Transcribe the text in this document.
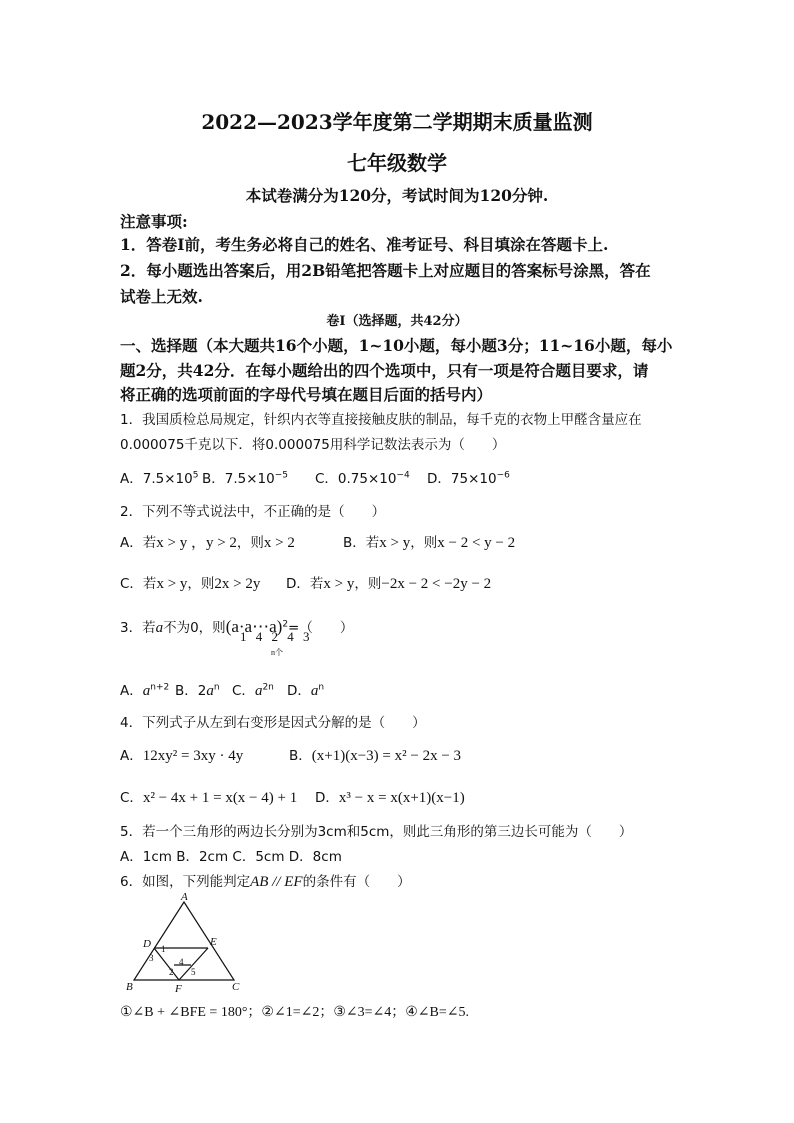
2022—2023学年度第二学期期末质量监测
七年级数学
本试卷满分为120分，考试时间为120分钟.
注意事项:
1．答卷Ⅰ前，考生务必将自己的姓名、准考证号、科目填涂在答题卡上.
2．每小题选出答案后，用2B铅笔把答题卡上对应题目的答案标号涂黑，答在
试卷上无效.
卷Ⅰ（选择题，共42分）
一、选择题（本大题共16个小题，1~10小题，每小题3分；11~16小题，每小
题2分，共42分．在每小题给出的四个选项中，只有一项是符合题目要求，请
将正确的选项前面的字母代号填在题目后面的括号内）
1．我国质检总局规定，针织内衣等直接接触皮肤的制品，每千克的衣物上甲醛含量应在
0.000075千克以下．将0.000075用科学记数法表示为（　　）
A．$7.5\times 10^5$ B．$7.5\times 10^{-5}$ C．$0.75\times 10^{-4}$ D．$75\times 10^{-6}$
2．下列不等式说法中，不正确的是（　　）
A．若x > y ，y > 2，则x > 2	B．若x > y，则x − 2 < y − 2
C．若x > y，则2x > 2y D．若x > y，则−2x − 2 < −2y − 2
3．若a不为0，则(a·a⋯a)$^2$=（　　）
1 4 2 4 3
n个
A．$a^{n+2}$ B．$2a^n$ C．$a^{2n}$ D．$a^n$
4．下列式子从左到右变形是因式分解的是（　　）
A．12xy² = 3xy · 4y	B．(x+1)(x−3) = x² − 2x − 3
C．x² − 4x + 1 = x(x − 4) + 1 D．x³ − x = x(x+1)(x−1)
5．若一个三角形的两边长分别为3cm和5cm，则此三角形的第三边长可能为（　　）
A．1cm B．2cm C．5cm D．8cm
6．如图，下列能判定AB // EF的条件有（　　）
A
D	E
B	F	C
1
3	4
2 5
①∠B + ∠BFE = 180°；②∠1=∠2；③∠3=∠4；④∠B=∠5.
